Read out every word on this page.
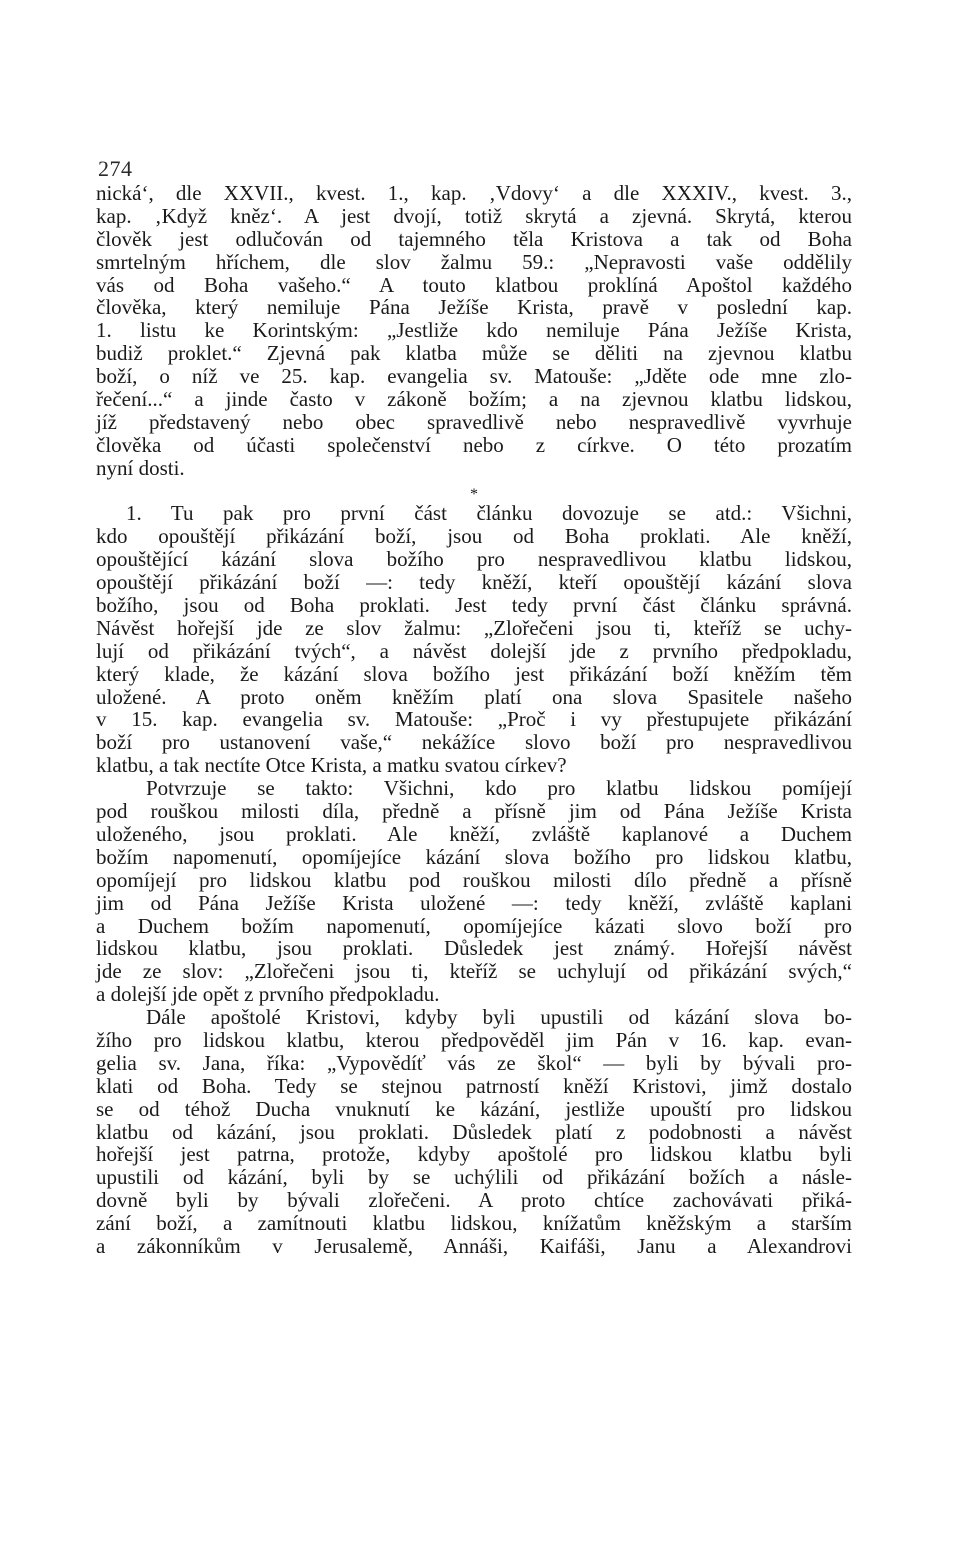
274
nická‘, dle XXVII., kvest. 1., kap. ‚Vdovy‘ a dle XXXIV., kvest. 3.,
kap. ‚Když kněz‘. A jest dvojí, totiž skrytá a zjevná. Skrytá, kterou
člověk jest odlučován od tajemného těla Kristova a tak od Boha
smrtelným hříchem, dle slov žalmu 59.: „Nepravosti vaše oddělily
vás od Boha vašeho.“ A touto klatbou proklíná Apoštol každého
člověka, který nemiluje Pána Ježíše Krista, pravě v poslední kap.
1. listu ke Korintským: „Jestliže kdo nemiluje Pána Ježíše Krista,
budiž proklet.“ Zjevná pak klatba může se děliti na zjevnou klatbu
boží, o níž ve 25. kap. evangelia sv. Matouše: „Jděte ode mne zlo-
řečení...“ a jinde často v zákoně božím; a na zjevnou klatbu lidskou,
jíž představený nebo obec spravedlivě nebo nespravedlivě vyvrhuje
člověka od účasti společenství nebo z církve. O této prozatím
nyní dosti.
*
1. Tu pak pro první část článku dovozuje se atd.: Všichni,
kdo opouštějí přikázání boží, jsou od Boha proklati. Ale kněží,
opouštějící kázání slova božího pro nespravedlivou klatbu lidskou,
opouštějí přikázání boží —: tedy kněží, kteří opouštějí kázání slova
božího, jsou od Boha proklati. Jest tedy první část článku správná.
Návěst hořejší jde ze slov žalmu: „Zlořečeni jsou ti, kteříž se uchy-
lují od přikázání tvých“, a návěst dolejší jde z prvního předpokladu,
který klade, že kázání slova božího jest přikázání boží kněžím těm
uložené. A proto oněm kněžím platí ona slova Spasitele našeho
v 15. kap. evangelia sv. Matouše: „Proč i vy přestupujete přikázání
boží pro ustanovení vaše,“ nekážíce slovo boží pro nespravedlivou
klatbu, a tak nectíte Otce Krista, a matku svatou církev?
Potvrzuje se takto: Všichni, kdo pro klatbu lidskou pomíjejí
pod rouškou milosti díla, předně a přísně jim od Pána Ježíše Krista
uloženého, jsou proklati. Ale kněží, zvláště kaplanové a Duchem
božím napomenutí, opomíjejíce kázání slova božího pro lidskou klatbu,
opomíjejí pro lidskou klatbu pod rouškou milosti dílo předně a přísně
jim od Pána Ježíše Krista uložené —: tedy kněží, zvláště kaplani
a Duchem božím napomenutí, opomíjejíce kázati slovo boží pro
lidskou klatbu, jsou proklati. Důsledek jest známý. Hořejší návěst
jde ze slov: „Zlořečeni jsou ti, kteříž se uchylují od přikázání svých,“
a dolejší jde opět z prvního předpokladu.
Dále apoštolé Kristovi, kdyby byli upustili od kázání slova bo-
žího pro lidskou klatbu, kterou předpověděl jim Pán v 16. kap. evan-
gelia sv. Jana, říka: „Vypovědíť vás ze škol“ — byli by bývali pro-
klati od Boha. Tedy se stejnou patrností kněží Kristovi, jimž dostalo
se od téhož Ducha vnuknutí ke kázání, jestliže upouští pro lidskou
klatbu od kázání, jsou proklati. Důsledek platí z podobnosti a návěst
hořejší jest patrna, protože, kdyby apoštolé pro lidskou klatbu byli
upustili od kázání, byli by se uchýlili od přikázání božích a násle-
dovně byli by bývali zlořečeni. A proto chtíce zachovávati přiká-
zání boží, a zamítnouti klatbu lidskou, knížatům kněžským a starším
a zákonníkům v Jerusalemě, Annáši, Kaifáši, Janu a Alexandrovi
